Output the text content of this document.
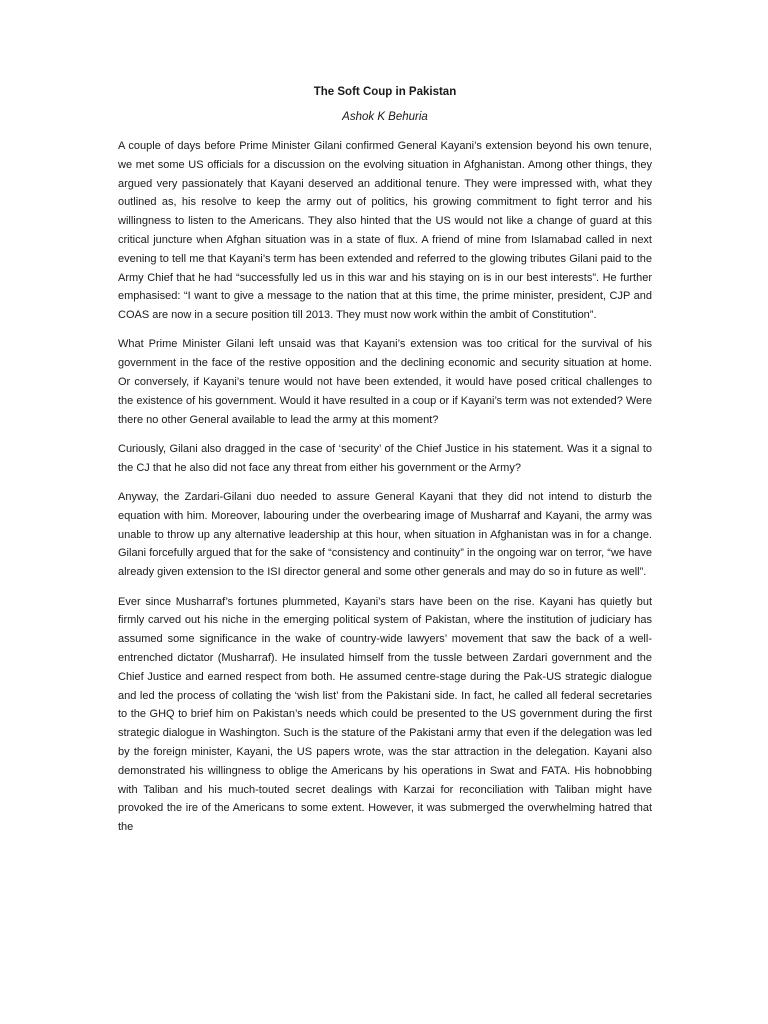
The Soft Coup in Pakistan
Ashok K Behuria

A couple of days before Prime Minister Gilani confirmed General Kayani’s extension beyond his own tenure, we met some US officials for a discussion on the evolving situation in Afghanistan. Among other things, they argued very passionately that Kayani deserved an additional tenure. They were impressed with, what they outlined as, his resolve to keep the army out of politics, his growing commitment to fight terror and his willingness to listen to the Americans. They also hinted that the US would not like a change of guard at this critical juncture when Afghan situation was in a state of flux. A friend of mine from Islamabad called in next evening to tell me that Kayani’s term has been extended and referred to the glowing tributes Gilani paid to the Army Chief that he had “successfully led us in this war and his staying on is in our best interests”. He further emphasised: “I want to give a message to the nation that at this time, the prime minister, president, CJP and COAS are now in a secure position till 2013. They must now work within the ambit of Constitution”.

What Prime Minister Gilani left unsaid was that Kayani’s extension was too critical for the survival of his government in the face of the restive opposition and the declining economic and security situation at home. Or conversely, if Kayani’s tenure would not have been extended, it would have posed critical challenges to the existence of his government. Would it have resulted in a coup or if Kayani’s term was not extended? Were there no other General available to lead the army at this moment?

Curiously, Gilani also dragged in the case of ‘security’ of the Chief Justice in his statement. Was it a signal to the CJ that he also did not face any threat from either his government or the Army?

Anyway, the Zardari-Gilani duo needed to assure General Kayani that they did not intend to disturb the equation with him. Moreover, labouring under the overbearing image of Musharraf and Kayani, the army was unable to throw up any alternative leadership at this hour, when situation in Afghanistan was in for a change. Gilani forcefully argued that for the sake of “consistency and continuity” in the ongoing war on terror, “we have already given extension to the ISI director general and some other generals and may do so in future as well”.

Ever since Musharraf’s fortunes plummeted, Kayani’s stars have been on the rise. Kayani has quietly but firmly carved out his niche in the emerging political system of Pakistan, where the institution of judiciary has assumed some significance in the wake of country-wide lawyers’ movement that saw the back of a well-entrenched dictator (Musharraf). He insulated himself from the tussle between Zardari government and the Chief Justice and earned respect from both. He assumed centre-stage during the Pak-US strategic dialogue and led the process of collating the ‘wish list’ from the Pakistani side. In fact, he called all federal secretaries to the GHQ to brief him on Pakistan’s needs which could be presented to the US government during the first strategic dialogue in Washington. Such is the stature of the Pakistani army that even if the delegation was led by the foreign minister, Kayani, the US papers wrote, was the star attraction in the delegation. Kayani also demonstrated his willingness to oblige the Americans by his operations in Swat and FATA. His hobnobbing with Taliban and his much-touted secret dealings with Karzai for reconciliation with Taliban might have provoked the ire of the Americans to some extent. However, it was submerged the overwhelming hatred that the
